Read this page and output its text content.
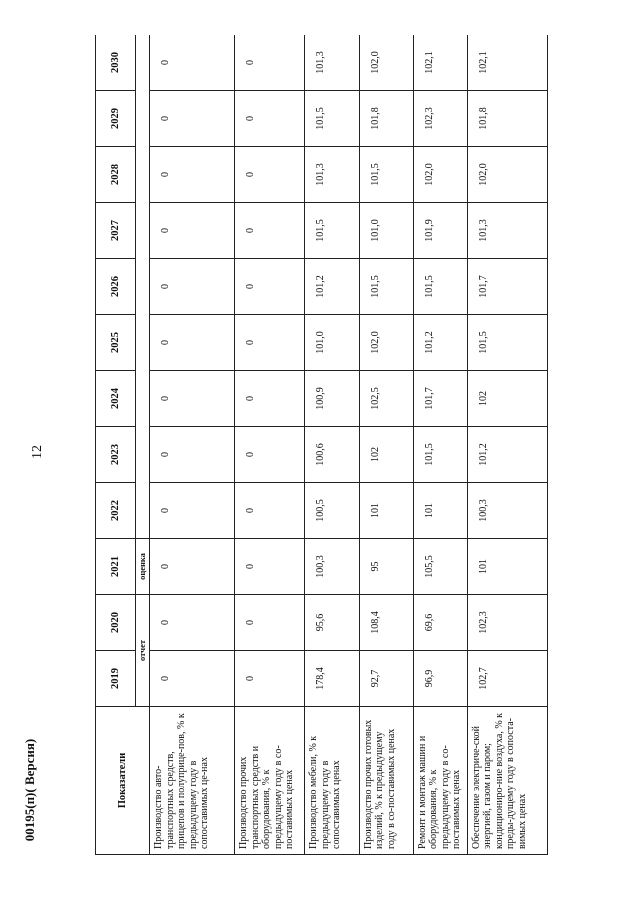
12
Показатели	2019	2020	2021	2022	2023	2024	2025	2026	2027	2028	2029	2030
	отчет		оценка									
Производство авто-транспортных средств, прицепов и полуприце-пов, % к предыдущему году в сопоставимых це-нах	0	0	0	0	0	0	0	0	0	0	0	0
Производство прочих транспортных средств и оборудования, % к предыдущему году в со-поставимых ценах	0	0	0	0	0	0	0	0	0	0	0	0
Производство мебели, % к предыдущему году в сопоставимых ценах	178,4	95,6	100,3	100,5	100,6	100,9	101,0	101,2	101,5	101,3	101,5	101,3
Производство прочих готовых изделий, % к предыдущему году в со-поставимых ценах	92,7	108,4	95	101	102	102,5	102,0	101,5	101,0	101,5	101,8	102,0
Ремонт и монтаж машин и оборудования, % к предыдущему году в со-поставимых ценах	96,9	69,6	105,5	101	101,5	101,7	101,2	101,5	101,9	102,0	102,3	102,1
Обеспечение электриче-ской энергией, газом и паром; кондициониро-ние воздуха, % к преды-дущему году в сопоста-вимых ценах	102,7	102,3	101	100,3	101,2	102	101,5	101,7	101,3	102,0	101,8	102,1
00195(п)( Версия)
